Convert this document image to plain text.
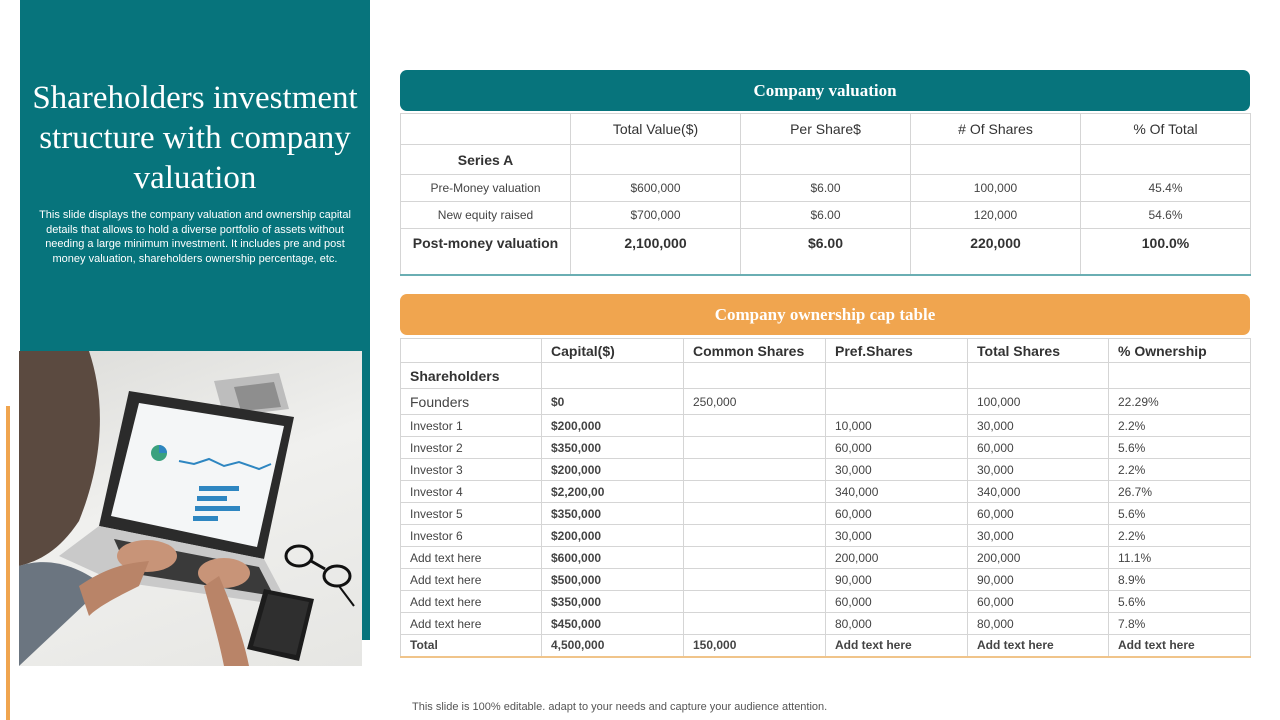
Shareholders investment structure with company valuation
This slide displays the company valuation and ownership capital details that allows to hold a diverse portfolio of assets without needing a large minimum investment. It includes pre and post money valuation, shareholders ownership percentage, etc.
Company valuation
	Total Value($)	Per Share$	# Of Shares	% Of Total
Series A				
Pre-Money valuation	$600,000	$6.00	100,000	45.4%
New equity raised	$700,000	$6.00	120,000	54.6%
Post-money valuation	2,100,000	$6.00	220,000	100.0%
Company ownership cap table
	Capital($)	Common Shares	Pref.Shares	Total Shares	% Ownership
Shareholders					
Founders	$0	250,000		100,000	22.29%
Investor 1	$200,000		10,000	30,000	2.2%
Investor 2	$350,000		60,000	60,000	5.6%
Investor 3	$200,000		30,000	30,000	2.2%
Investor 4	$2,200,00		340,000	340,000	26.7%
Investor 5	$350,000		60,000	60,000	5.6%
Investor 6	$200,000		30,000	30,000	2.2%
Add text here	$600,000		200,000	200,000	11.1%
Add text here	$500,000		90,000	90,000	8.9%
Add text here	$350,000		60,000	60,000	5.6%
Add text here	$450,000		80,000	80,000	7.8%
Total	4,500,000	150,000	Add text here	Add text here	Add text here
This slide is 100% editable. adapt to your needs and capture your audience attention.
